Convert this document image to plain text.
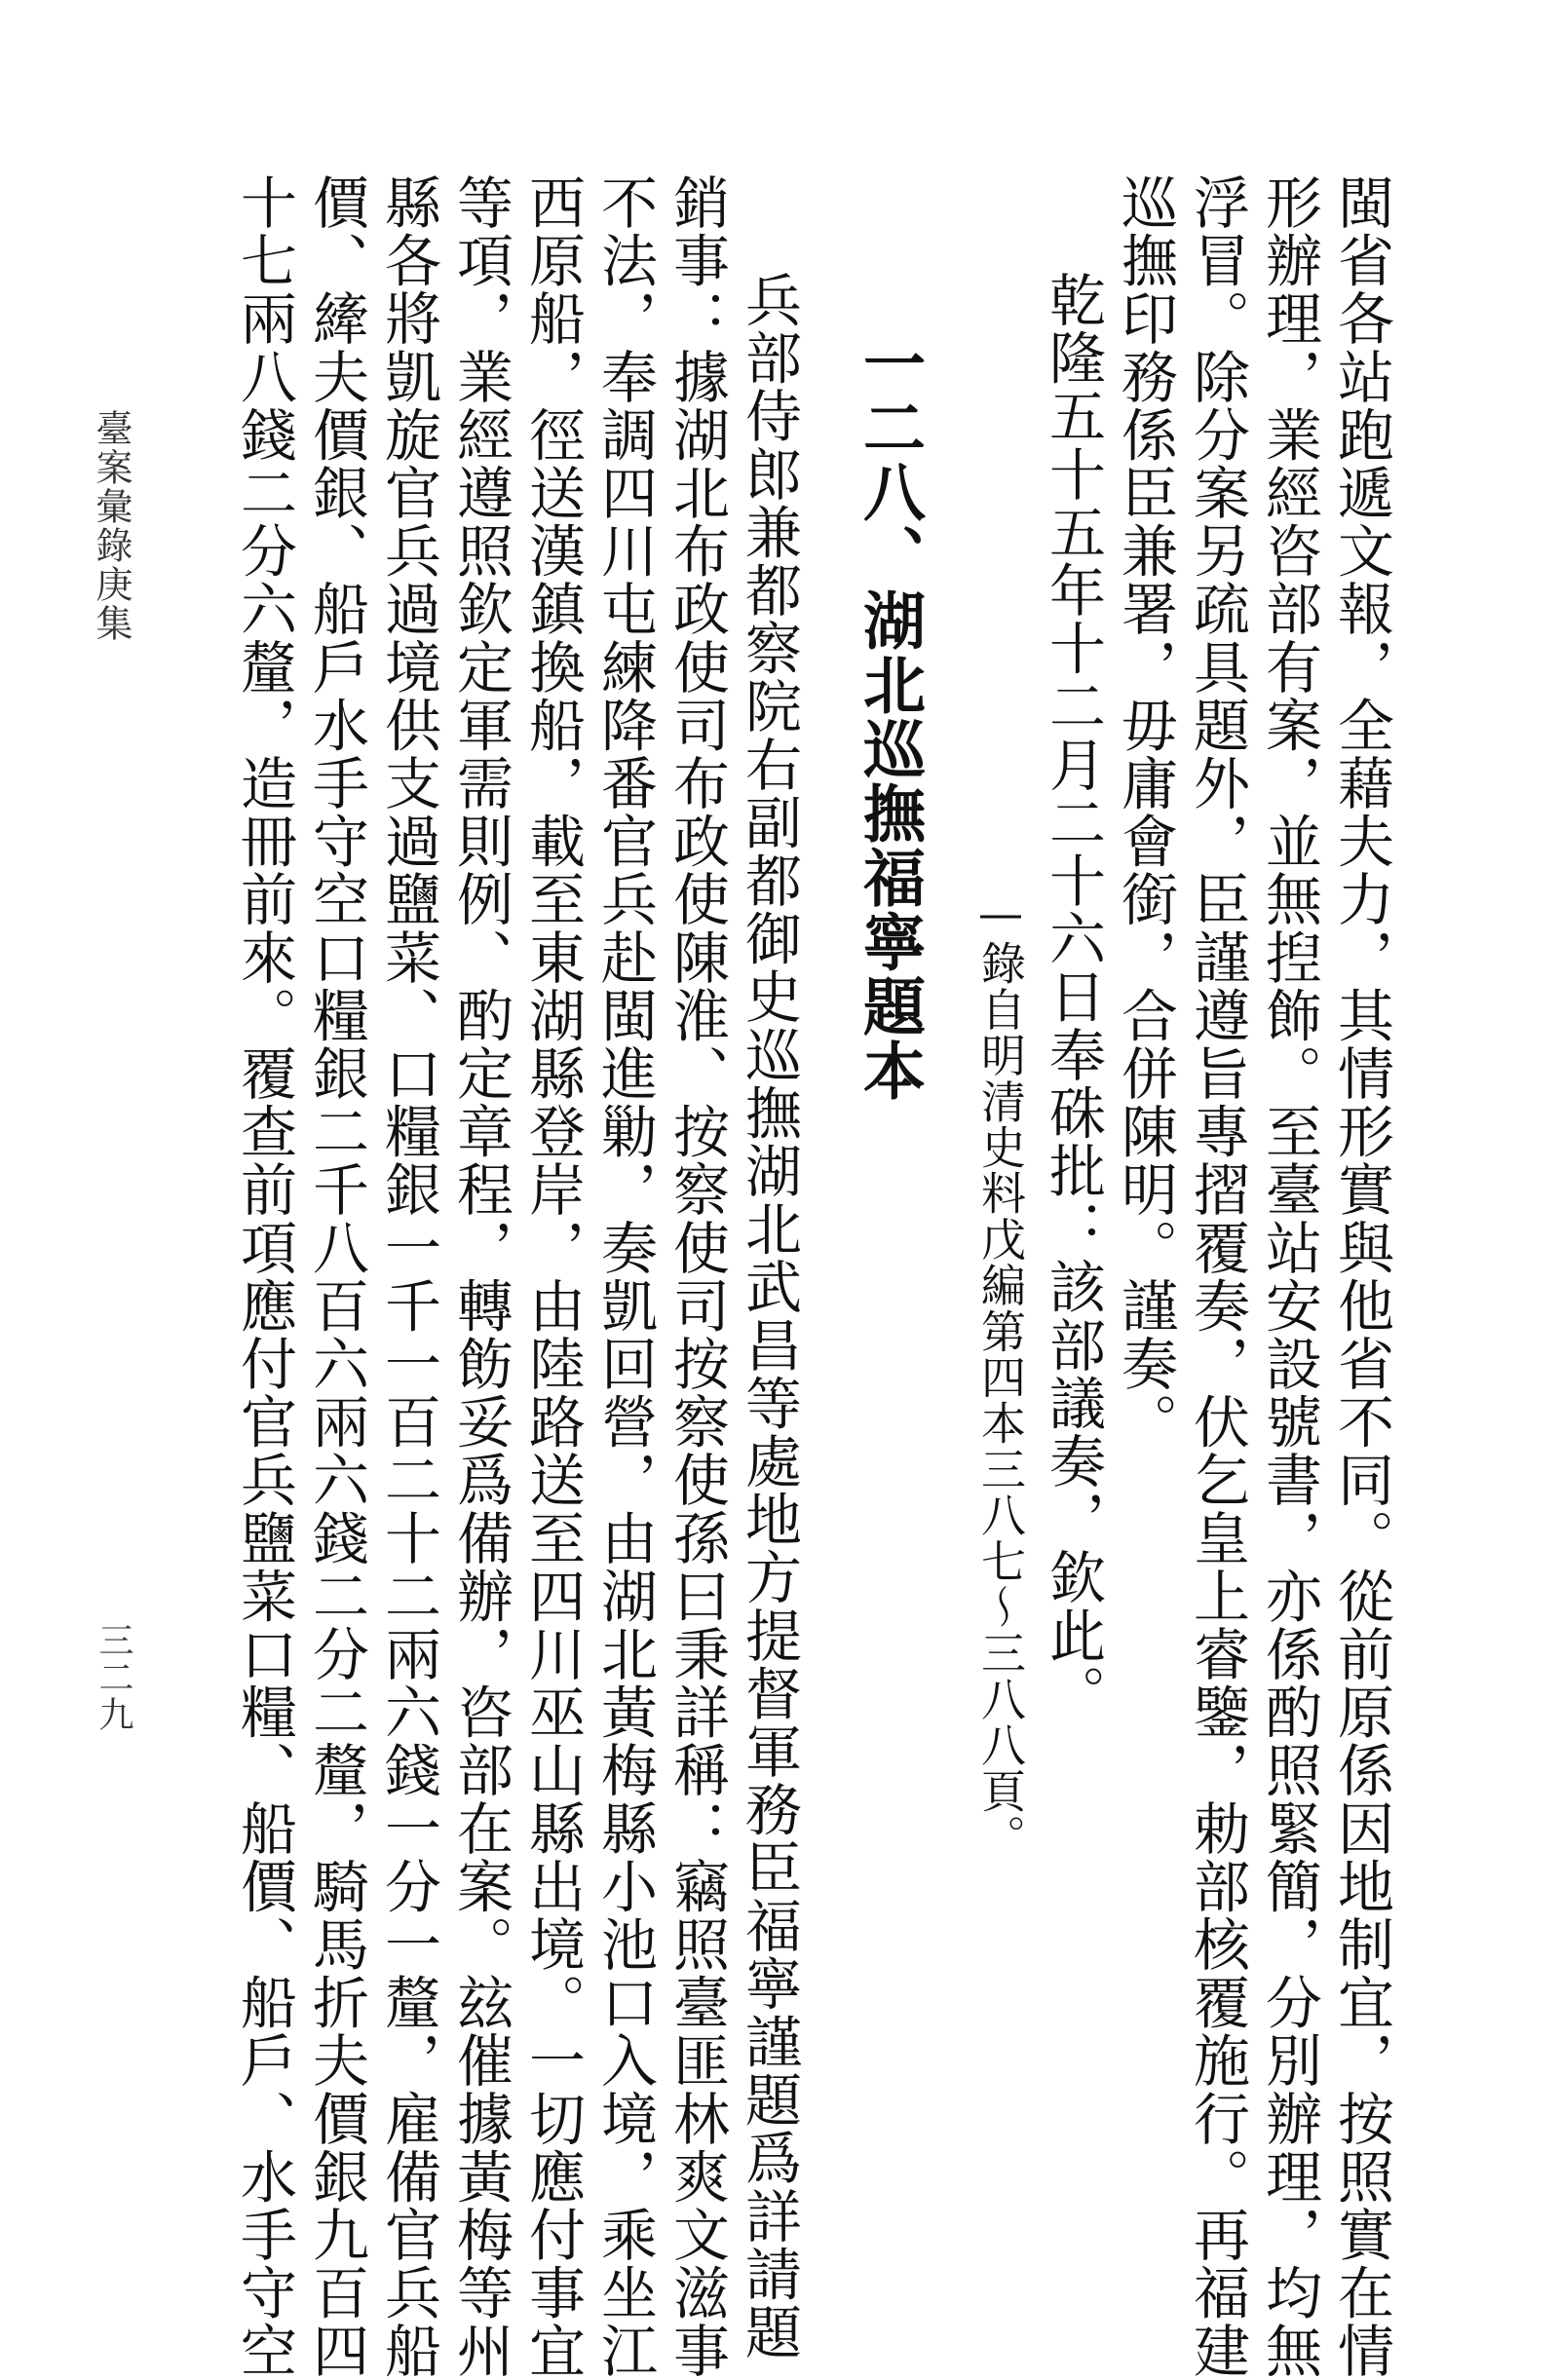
閩省各站跑遞文報，全藉夫力，其情形實與他省不同。從前原係因地制宜，按照實在情

形辦理，業經咨部有案，並無揑飾。至臺站安設號書，亦係酌照緊簡，分別辦理，均無

浮冒。除分案另疏具題外，臣謹遵旨專摺覆奏，伏乞皇上睿鑒，勅部核覆施行。再福建

巡撫印務係臣兼署，毋庸會銜，合併陳明。謹奏。

乾隆五十五年十二月二十六日奉硃批：該部議奏，欽此。

—錄自明清史料戊編第四本三八七～三八八頁。

一二八、湖北巡撫福寧題本

兵部侍郎兼都察院右副都御史巡撫湖北武昌等處地方提督軍務臣福寧謹題爲詳請題

銷事：據湖北布政使司布政使陳淮、按察使司按察使孫曰秉詳稱：竊照臺匪林爽文滋事

不法，奉調四川屯練降番官兵赴閩進勦，奏凱回營，由湖北黃梅縣小池口入境，乘坐江

西原船，徑送漢鎮換船，載至東湖縣登岸，由陸路送至四川巫山縣出境。一切應付事宜

等項，業經遵照欽定軍需則例、酌定章程，轉飭妥爲備辦，咨部在案。玆催據黃梅等州

縣各將凱旋官兵過境供支過鹽菜、口糧銀一千一百二十二兩六錢一分一釐，雇備官兵船

價、縴夫價銀、船戶水手守空口糧銀二千八百六兩六錢二分二釐，騎馬折夫價銀九百四

十七兩八錢二分六釐，造冊前來。覆查前項應付官兵鹽菜口糧、船價、船戶、水手守空

臺案彙錄庚集

三二九
